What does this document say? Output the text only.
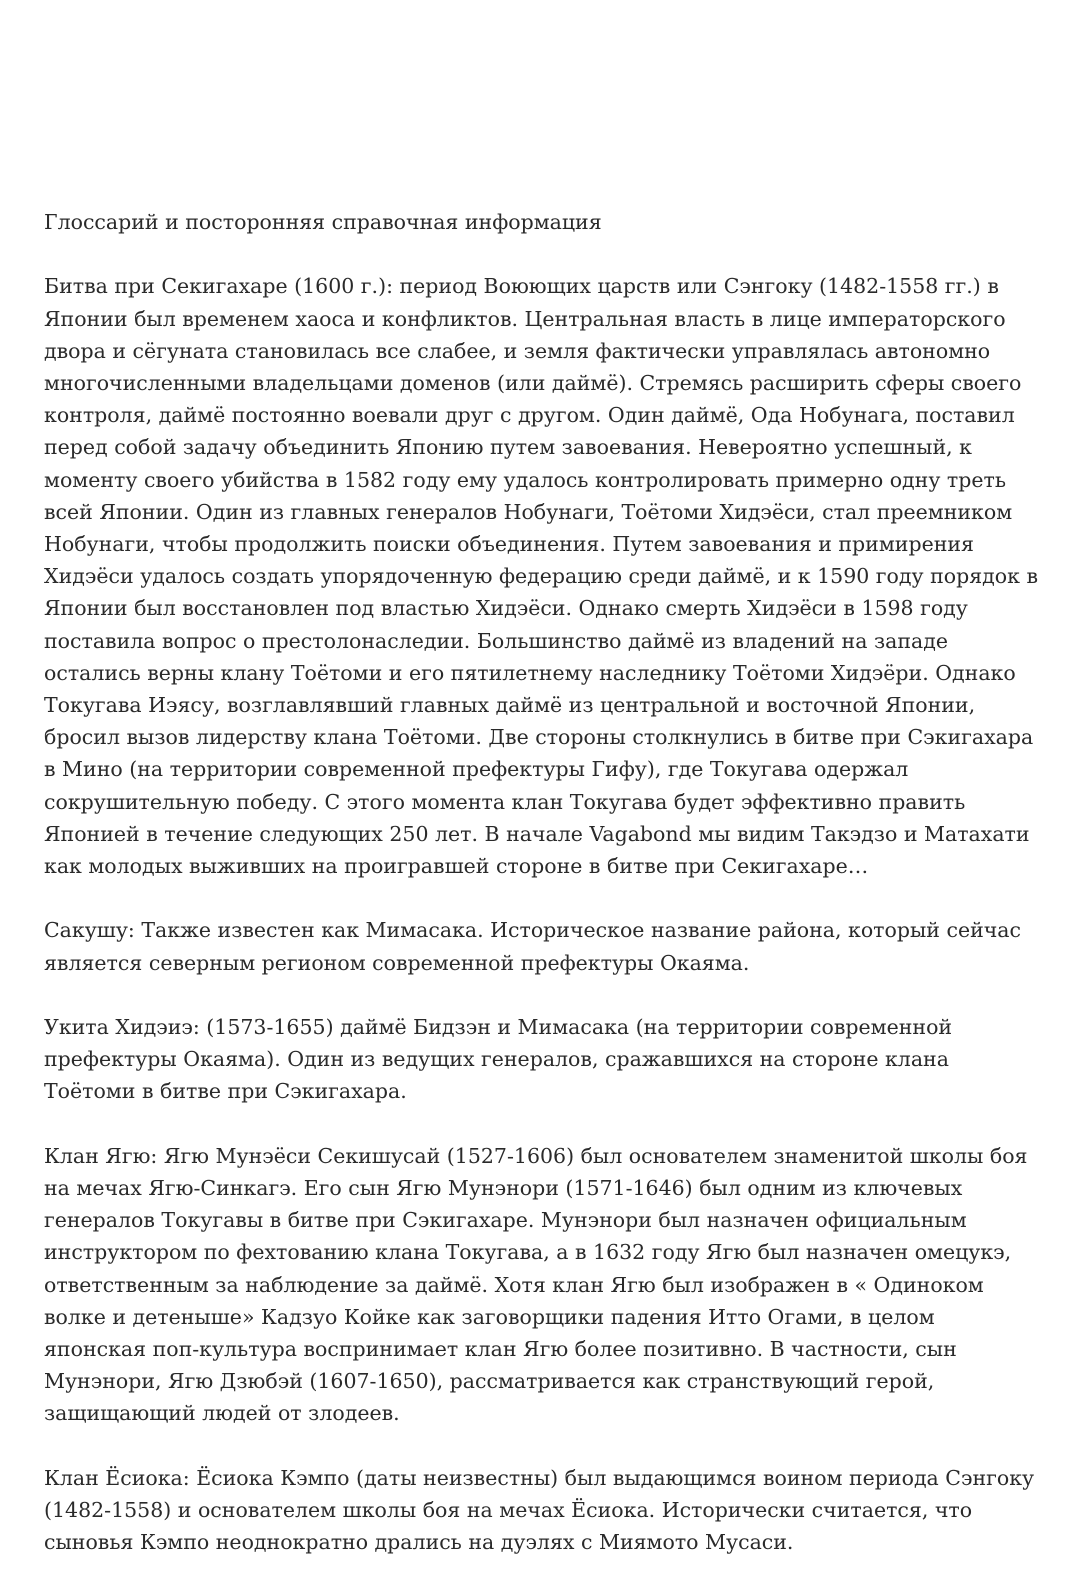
Глоссарий и посторонняя справочная информация

Битва при Секигахаре (1600 г.): период Воюющих царств или Сэнгоку (1482-1558 гг.) в Японии был временем хаоса и конфликтов. Центральная власть в лице императорского двора и сёгуната становилась все слабее, и земля фактически управлялась автономно многочисленными владельцами доменов (или даймё). Стремясь расширить сферы своего контроля, даймё постоянно воевали друг с другом. Один даймё, Ода Нобунага, поставил перед собой задачу объединить Японию путем завоевания. Невероятно успешный, к моменту своего убийства в 1582 году ему удалось контролировать примерно одну треть всей Японии. Один из главных генералов Нобунаги, Тоётоми Хидэёси, стал преемником Нобунаги, чтобы продолжить поиски объединения. Путем завоевания и примирения Хидэёси удалось создать упорядоченную федерацию среди даймё, и к 1590 году порядок в Японии был восстановлен под властью Хидэёси. Однако смерть Хидэёси в 1598 году поставила вопрос о престолонаследии. Большинство даймё из владений на западе остались верны клану Тоётоми и его пятилетнему наследнику Тоётоми Хидэёри. Однако Токугава Иэясу, возглавлявший главных даймё из центральной и восточной Японии, бросил вызов лидерству клана Тоётоми. Две стороны столкнулись в битве при Сэкигахара в Мино (на территории современной префектуры Гифу), где Токугава одержал сокрушительную победу. С этого момента клан Токугава будет эффективно править Японией в течение следующих 250 лет. В начале Vagabond мы видим Такэдзо и Матахати как молодых выживших на проигравшей стороне в битве при Секигахаре…

Сакушу: Также известен как Мимасака. Историческое название района, который сейчас является северным регионом современной префектуры Окаяма.

Укита Хидэиэ: (1573-1655) даймё Бидзэн и Мимасака (на территории современной префектуры Окаяма). Один из ведущих генералов, сражавшихся на стороне клана Тоётоми в битве при Сэкигахара.

Клан Ягю: Ягю Мунэёси Секишусай (1527-1606) был основателем знаменитой школы боя на мечах Ягю-Синкагэ. Его сын Ягю Мунэнори (1571-1646) был одним из ключевых генералов Токугавы в битве при Сэкигахаре. Мунэнори был назначен официальным инструктором по фехтованию клана Токугава, а в 1632 году Ягю был назначен омецукэ, ответственным за наблюдение за даймё. Хотя клан Ягю был изображен в « Одиноком волке и детеныше» Кадзуо Койке как заговорщики падения Итто Огами, в целом японская поп-культура воспринимает клан Ягю более позитивно. В частности, сын Мунэнори, Ягю Дзюбэй (1607-1650), рассматривается как странствующий герой, защищающий людей от злодеев.

Клан Ёсиока: Ёсиока Кэмпо (даты неизвестны) был выдающимся воином периода Сэнгоку (1482-1558) и основателем школы боя на мечах Ёсиока. Исторически считается, что сыновья Кэмпо неоднократно дрались на дуэлях с Миямото Мусаси.
